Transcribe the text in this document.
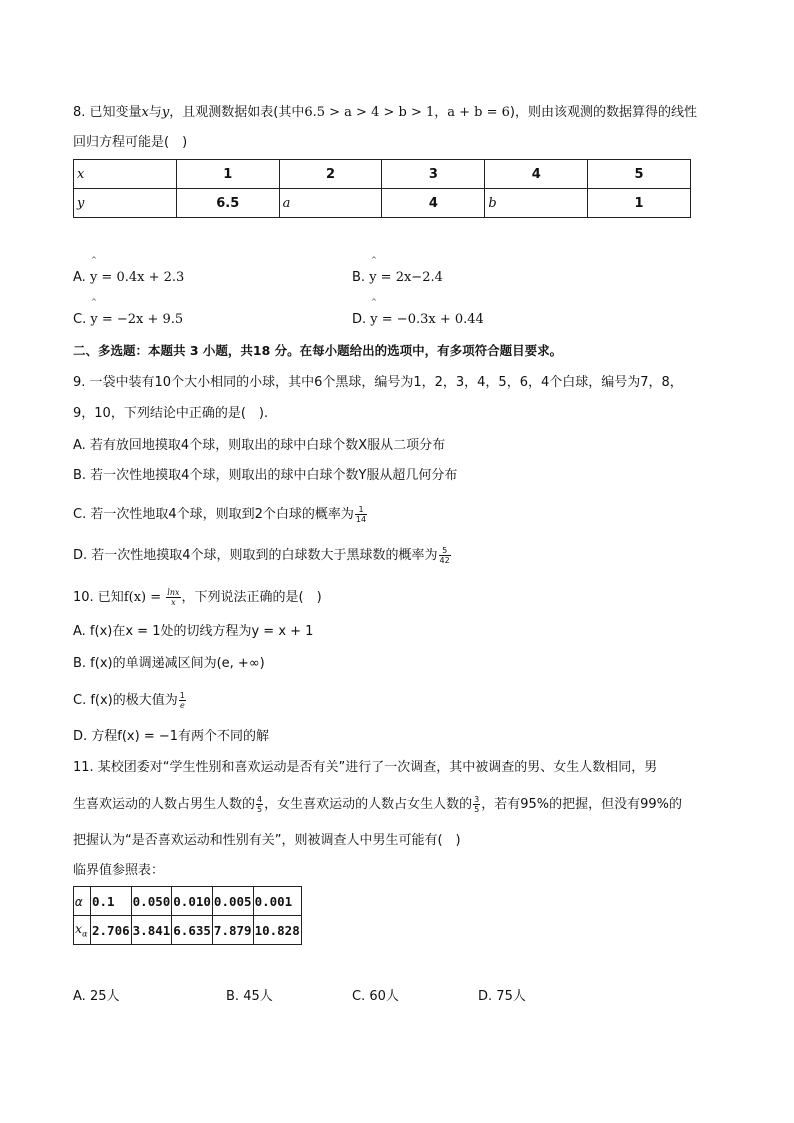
8. 已知变量x与y，且观测数据如表(其中6.5 > a > 4 > b > 1，a + b = 6)，则由该观测的数据算得的线性
回归方程可能是(　)
x	1	2	3	4	5
y	6.5	a	4	b	1
^	^
^	^
A. y = 0.4x + 2.3	B. y = 2x−2.4
C. y = −2x + 9.5	D. y = −0.3x + 0.44
二、多选题：本题共 3 小题，共18 分。在每小题给出的选项中，有多项符合题目要求。
9. 一袋中装有10个大小相同的小球，其中6个黑球，编号为1，2，3，4，5，6，4个白球，编号为7，8，
9，10，下列结论中正确的是(　).
A. 若有放回地摸取4个球，则取出的球中白球个数X服从二项分布
B. 若一次性地摸取4个球，则取出的球中白球个数Y服从超几何分布
C. 若一次性地取4个球，则取到2个白球的概率为 $\frac{1}{14}$
D. 若一次性地摸取4个球，则取到的白球数大于黑球数的概率为 $\frac{5}{42}$
10. 已知$f(x) = \frac{\ln x}{x}$ ，下列说法正确的是(　)
A. f(x)在x = 1处的切线方程为y = x + 1
B. f(x)的单调递减区间为(e, +∞)
C. f(x)的极大值为 $\frac{1}{e}$
D. 方程f(x) = −1有两个不同的解
11. 某校团委对“学生性别和喜欢运动是否有关”进行了一次调查，其中被调查的男、女生人数相同，男
生喜欢运动的人数占男生人数的 $\frac{4}{5}$ ，女生喜欢运动的人数占女生人数的 $\frac{3}{5}$ ，若有95%的把握，但没有99%的
把握认为“是否喜欢运动和性别有关”，则被调查人中男生可能有(　)
临界值参照表：
α	0.1	0.050	0.010	0.005	0.001
$x_\alpha$	2.706	3.841	6.635	7.879	10.828
A. 25人	B. 45人	C. 60人	D. 75人
